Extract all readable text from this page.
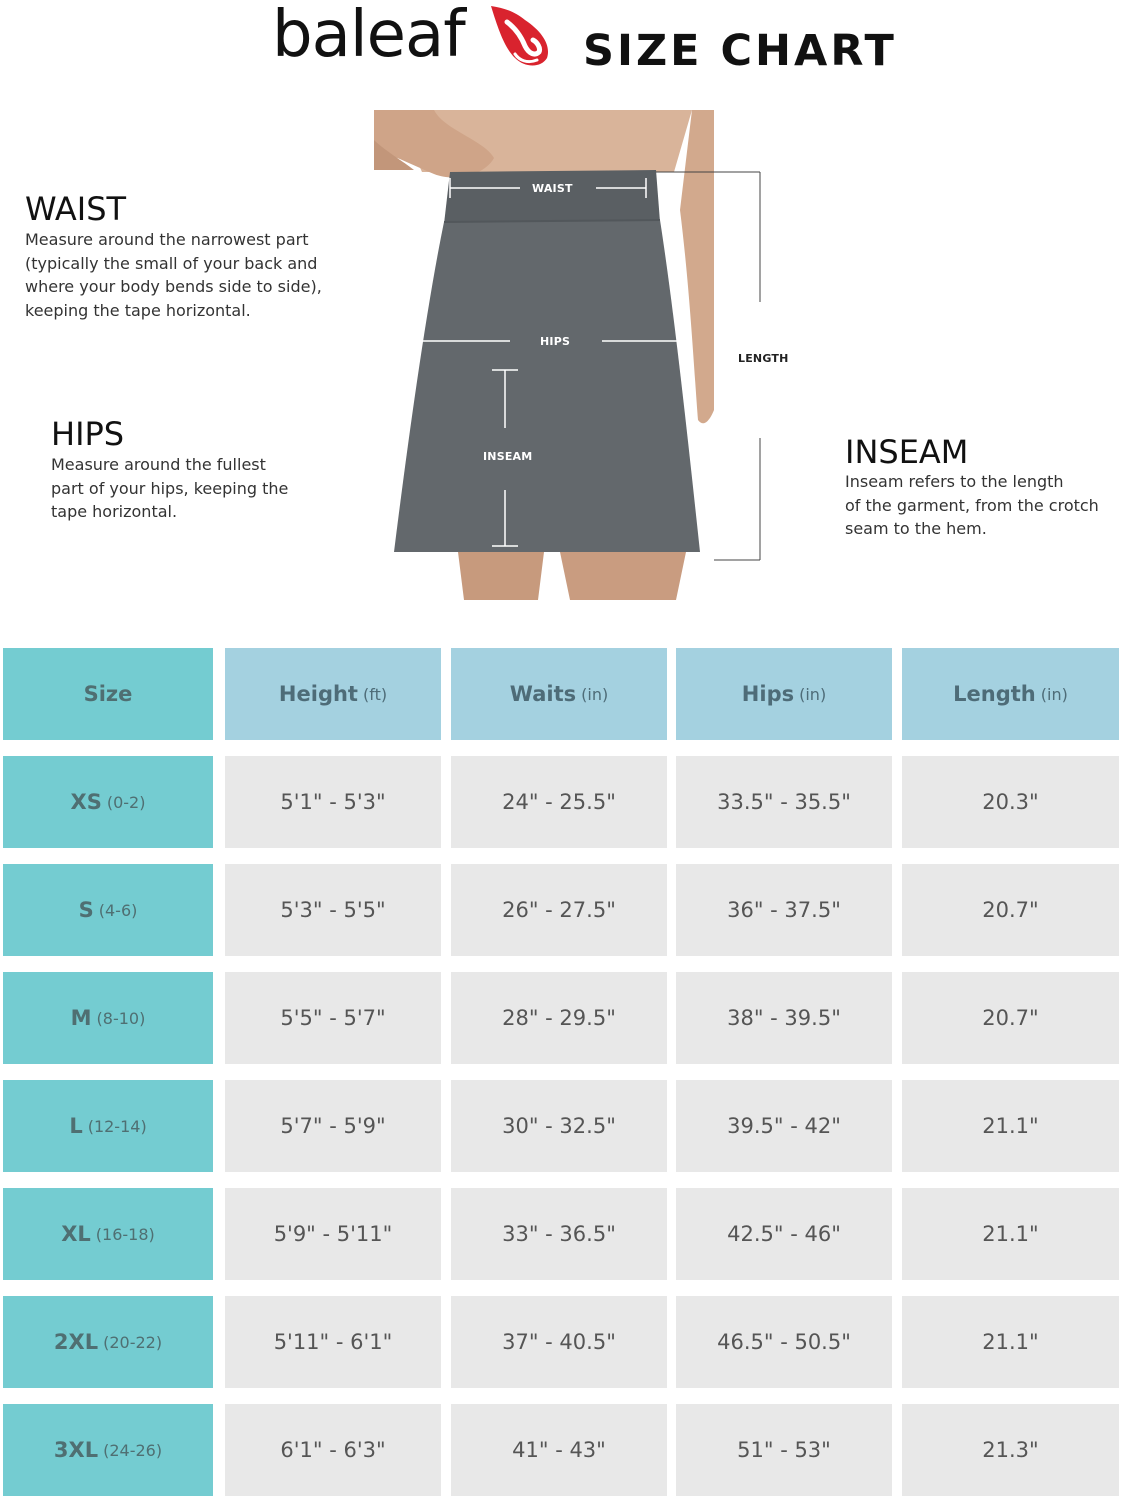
baleaf	SIZE CHART
WAIST
HIPS
INSEAM
LENGTH
WAIST

Measure around the narrowest part
(typically the small of your back and
where your body bends side to side),
keeping the tape horizontal.

HIPS

Measure around the fullest
part of your hips, keeping the
tape horizontal.

INSEAM

Inseam refers to the length
of the garment, from the crotch
seam to the hem.

Size	Height (ft)	Waits (in)	Hips (in)	Length (in)
XS (0-2)	5'1" - 5'3"	24" - 25.5"	33.5" - 35.5"	20.3"
S (4-6)	5'3" - 5'5"	26" - 27.5"	36" - 37.5"	20.7"
M (8-10)	5'5" - 5'7"	28" - 29.5"	38" - 39.5"	20.7"
L (12-14)	5'7" - 5'9"	30" - 32.5"	39.5" - 42"	21.1"
XL (16-18)	5'9" - 5'11"	33" - 36.5"	42.5" - 46"	21.1"
2XL (20-22)	5'11" - 6'1"	37" - 40.5"	46.5" - 50.5"	21.1"
3XL (24-26)	6'1" - 6'3"	41" - 43"	51" - 53"	21.3"
